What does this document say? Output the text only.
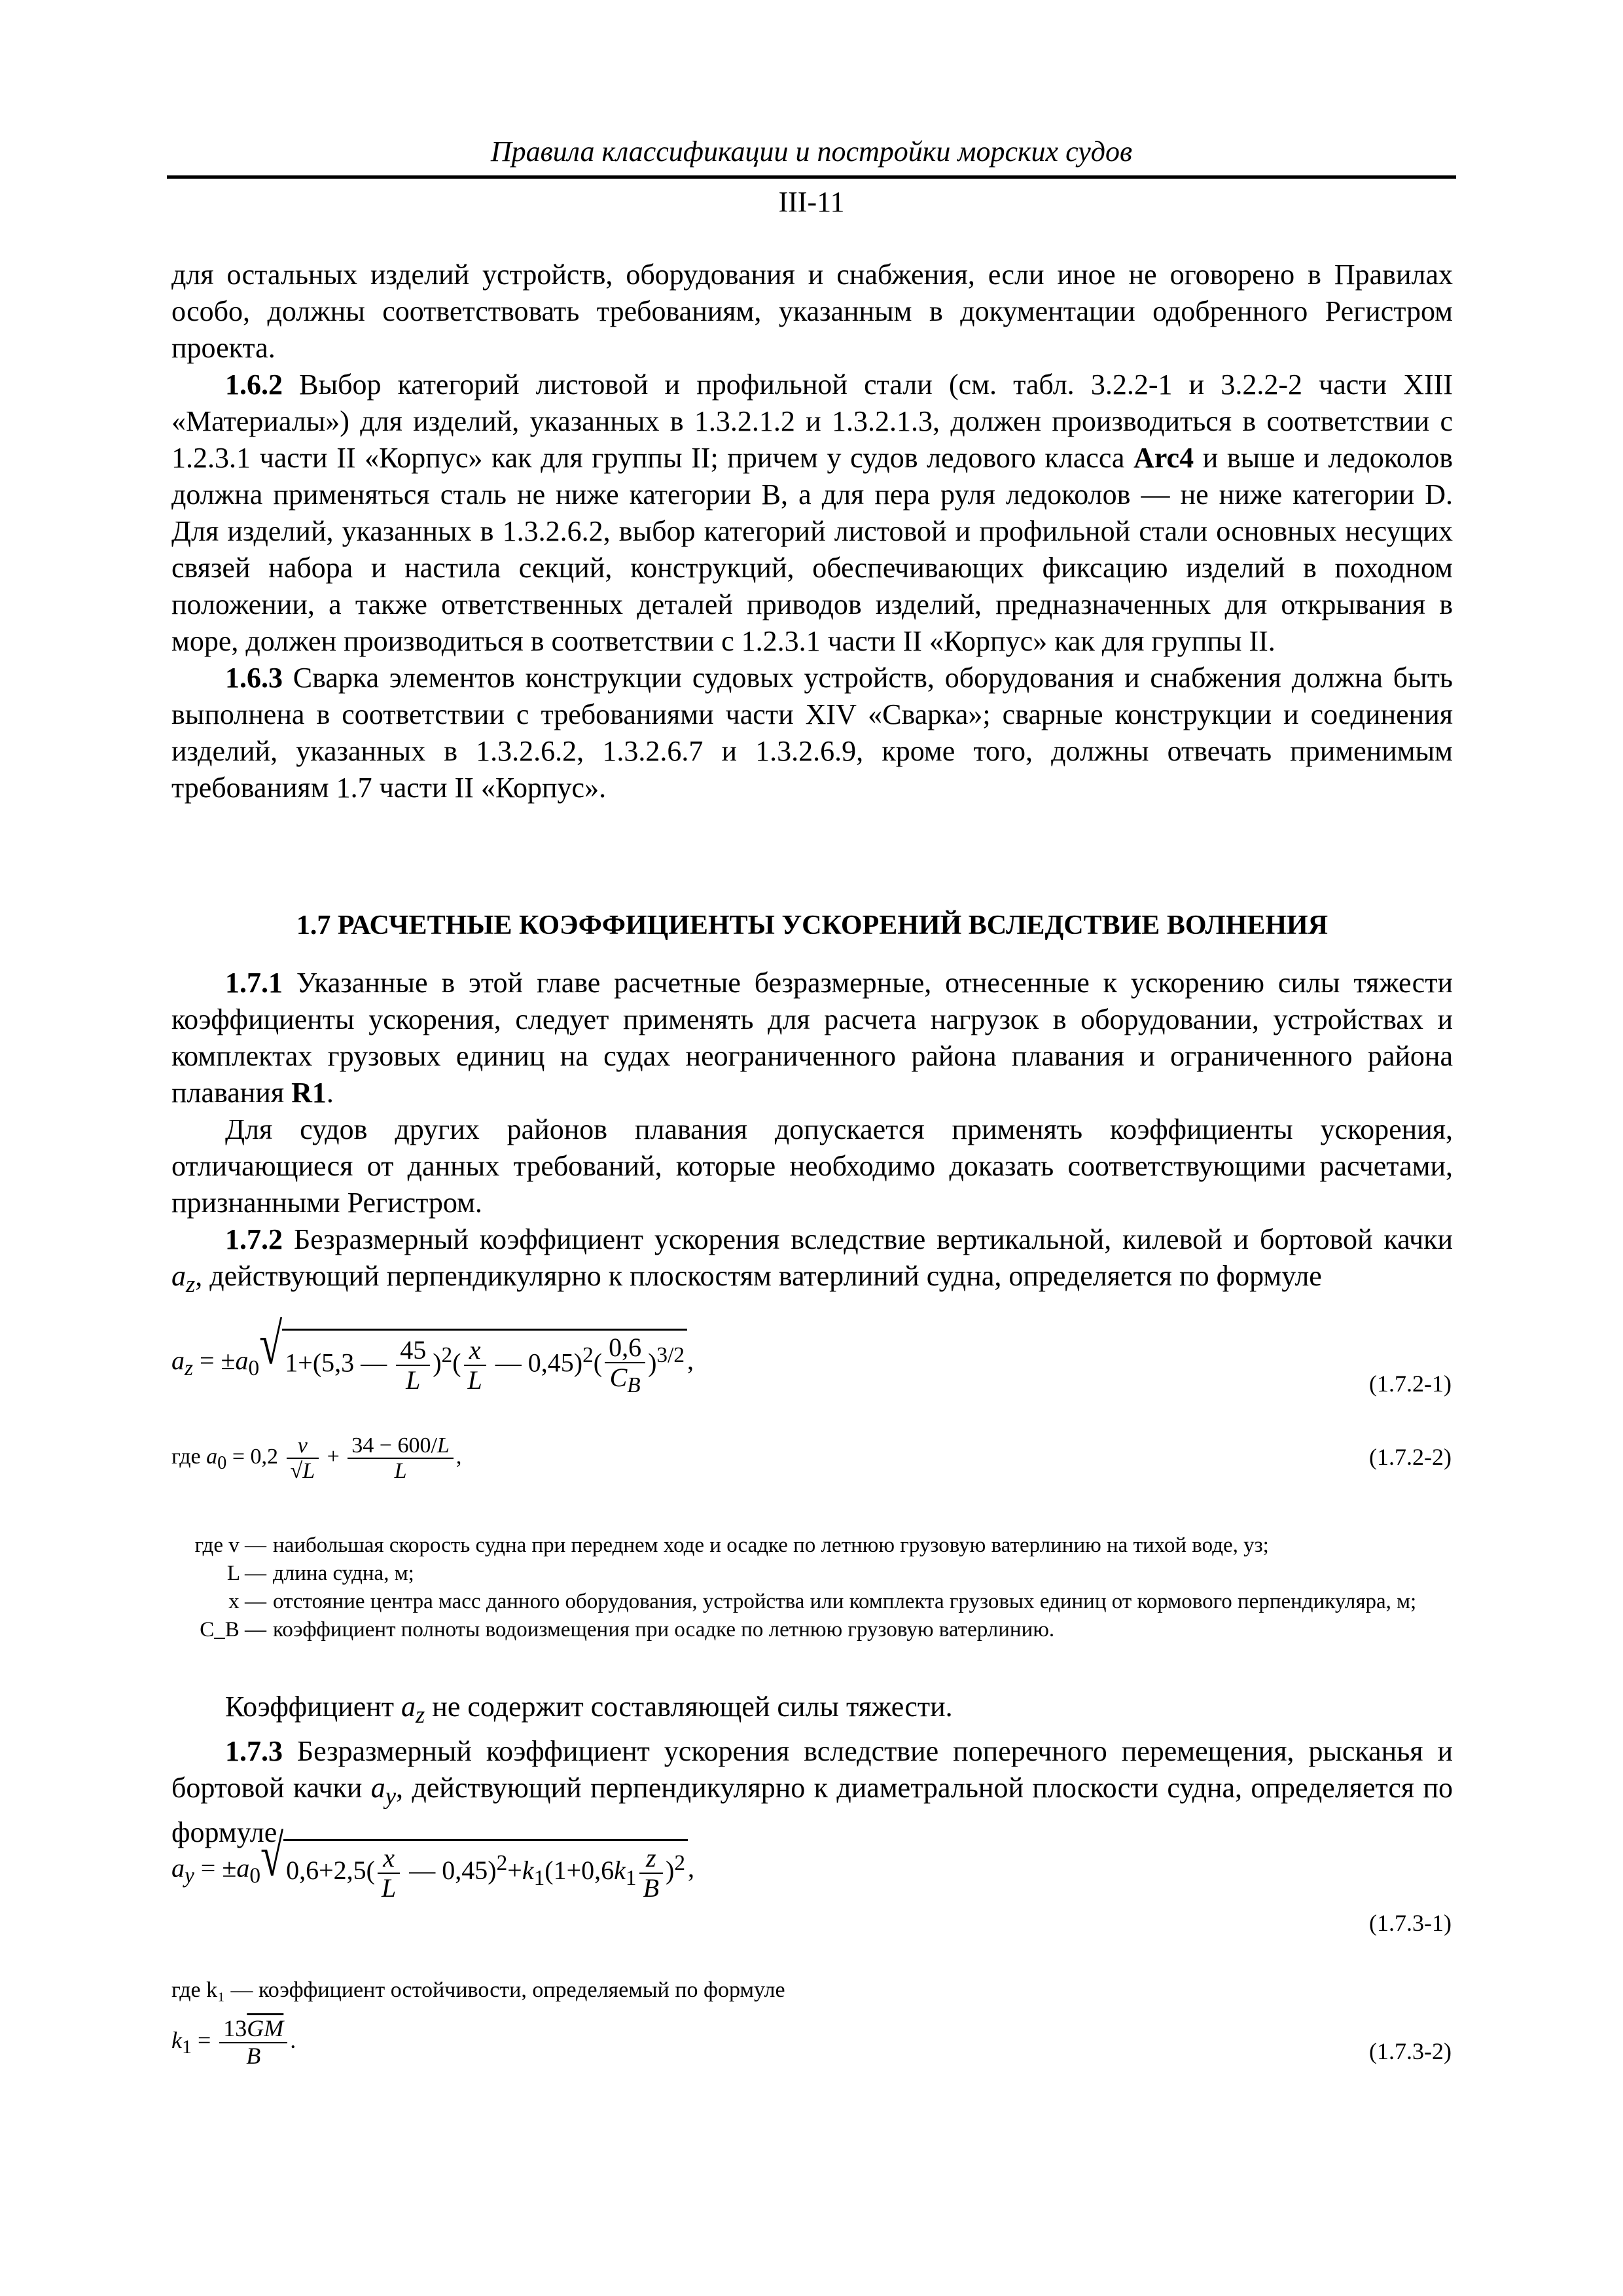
Правила классификации и постройки морских судов
III-11

для остальных изделий устройств, оборудования и снабжения, если иное не оговорено в Правилах особо, должны соответствовать требованиям, указанным в документации одобренного Регистром проекта.

1.6.2 Выбор категорий листовой и профильной стали (см. табл. 3.2.2-1 и 3.2.2-2 части XIII «Материалы») для изделий, указанных в 1.3.2.1.2 и 1.3.2.1.3, должен производиться в соответствии с 1.2.3.1 части II «Корпус» как для группы II; причем у судов ледового класса Arc4 и выше и ледоколов должна применяться сталь не ниже категории B, а для пера руля ледоколов — не ниже категории D. Для изделий, указанных в 1.3.2.6.2, выбор категорий листовой и профильной стали основных несущих связей набора и настила секций, конструкций, обеспечивающих фиксацию изделий в походном положении, а также ответственных деталей приводов изделий, предназначенных для открывания в море, должен производиться в соответствии с 1.2.3.1 части II «Корпус» как для группы II.

1.6.3 Сварка элементов конструкции судовых устройств, оборудования и снабжения должна быть выполнена в соответствии с требованиями части XIV «Сварка»; сварные конструкции и соединения изделий, указанных в 1.3.2.6.2, 1.3.2.6.7 и 1.3.2.6.9, кроме того, должны отвечать применимым требованиям 1.7 части II «Корпус».

1.7 РАСЧЕТНЫЕ КОЭФФИЦИЕНТЫ УСКОРЕНИЙ ВСЛЕДСТВИЕ ВОЛНЕНИЯ

1.7.1 Указанные в этой главе расчетные безразмерные, отнесенные к ускорению силы тяжести коэффициенты ускорения, следует применять для расчета нагрузок в оборудовании, устройствах и комплектах грузовых единиц на судах неограниченного района плавания и ограниченного района плавания R1.

Для судов других районов плавания допускается применять коэффициенты ускорения, отличающиеся от данных требований, которые необходимо доказать соответствующими расчетами, признанными Регистром.

1.7.2 Безразмерный коэффициент ускорения вследствие вертикальной, килевой и бортовой качки $a_z$, действующий перпендикулярно к плоскостям ватерлиний судна, определяется по формуле

$a_z = \pm a_0$ √ 1+(5,3 — $\frac{45}{L} )^2( \frac{x}{L}$ — $0,45)^2( \frac{0,6}{C_B} )^{3/2}$ ,
(1.7.2-1)
где $a_0 = 0,2 \frac{v}{√L} + \frac{34 - 600/L}{L}$ ,	(1.7.2-2)
где v — наибольшая скорость судна при переднем ходе и осадке по летнюю грузовую ватерлинию на тихой воде, уз;
L — длина судна, м;
x — отстояние центра масс данного оборудования, устройства или комплекта грузовых единиц от кормового перпендикуляра, м;
C_B — коэффициент полноты водоизмещения при осадке по летнюю грузовую ватерлинию.

Коэффициент $a_z$ не содержит составляющей силы тяжести.

1.7.3 Безразмерный коэффициент ускорения вследствие поперечного перемещения, рысканья и бортовой качки $a_y$, действующий перпендикулярно к диаметральной плоскости судна, определяется по формуле

$a_y = \pm a_0$ √ $0,6+2,5( \frac{x}{L}$ — $0,45)^2+k_1(1+0,6k_1 \frac{z}{B} )^2$ ,
(1.7.3-1)
где k₁ — коэффициент остойчивости, определяемый по формуле
$k_1 = \frac{13\overline{GM}}{B}$ .	(1.7.3-2)
